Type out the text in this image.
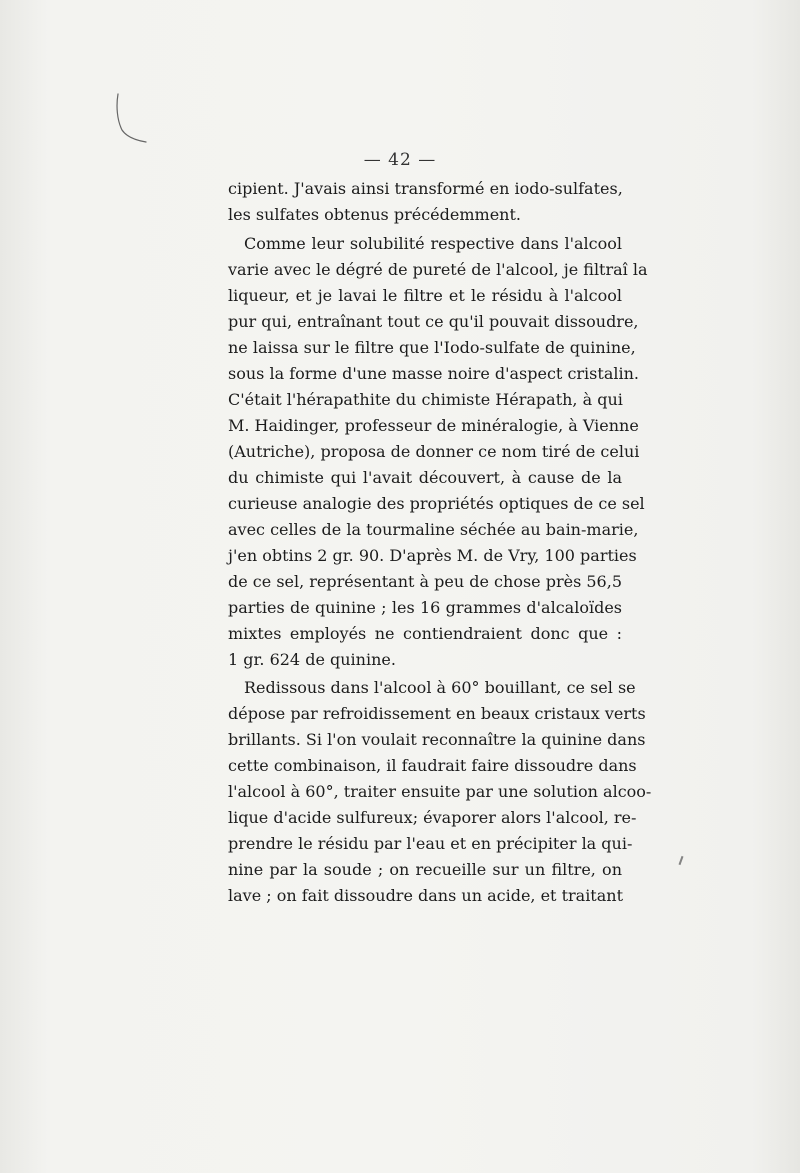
— 42 —
cipient. J'avais ainsi transformé en iodo-sulfates,
les sulfates obtenus précédemment.
Comme leur solubilité respective dans l'alcool
varie avec le dégré de pureté de l'alcool, je filtraî la
liqueur, et je lavai le filtre et le résidu à l'alcool
pur qui, entraînant tout ce qu'il pouvait dissoudre,
ne laissa sur le filtre que l'Iodo-sulfate de quinine,
sous la forme d'une masse noire d'aspect cristalin.
C'était l'hérapathite du chimiste Hérapath, à qui
M. Haidinger, professeur de minéralogie, à Vienne
(Autriche), proposa de donner ce nom tiré de celui
du chimiste qui l'avait découvert, à cause de la
curieuse analogie des propriétés optiques de ce sel
avec celles de la tourmaline séchée au bain-marie,
j'en obtins 2 gr. 90. D'après M. de Vry, 100 parties
de ce sel, représentant à peu de chose près 56,5
parties de quinine ; les 16 grammes d'alcaloïdes
mixtes employés ne contiendraient donc que :
1 gr. 624 de quinine.
Redissous dans l'alcool à 60° bouillant, ce sel se
dépose par refroidissement en beaux cristaux verts
brillants. Si l'on voulait reconnaître la quinine dans
cette combinaison, il faudrait faire dissoudre dans
l'alcool à 60°, traiter ensuite par une solution alcoo-
lique d'acide sulfureux; évaporer alors l'alcool, re-
prendre le résidu par l'eau et en précipiter la qui-
nine par la soude ; on recueille sur un filtre, on
lave ; on fait dissoudre dans un acide, et traitant
